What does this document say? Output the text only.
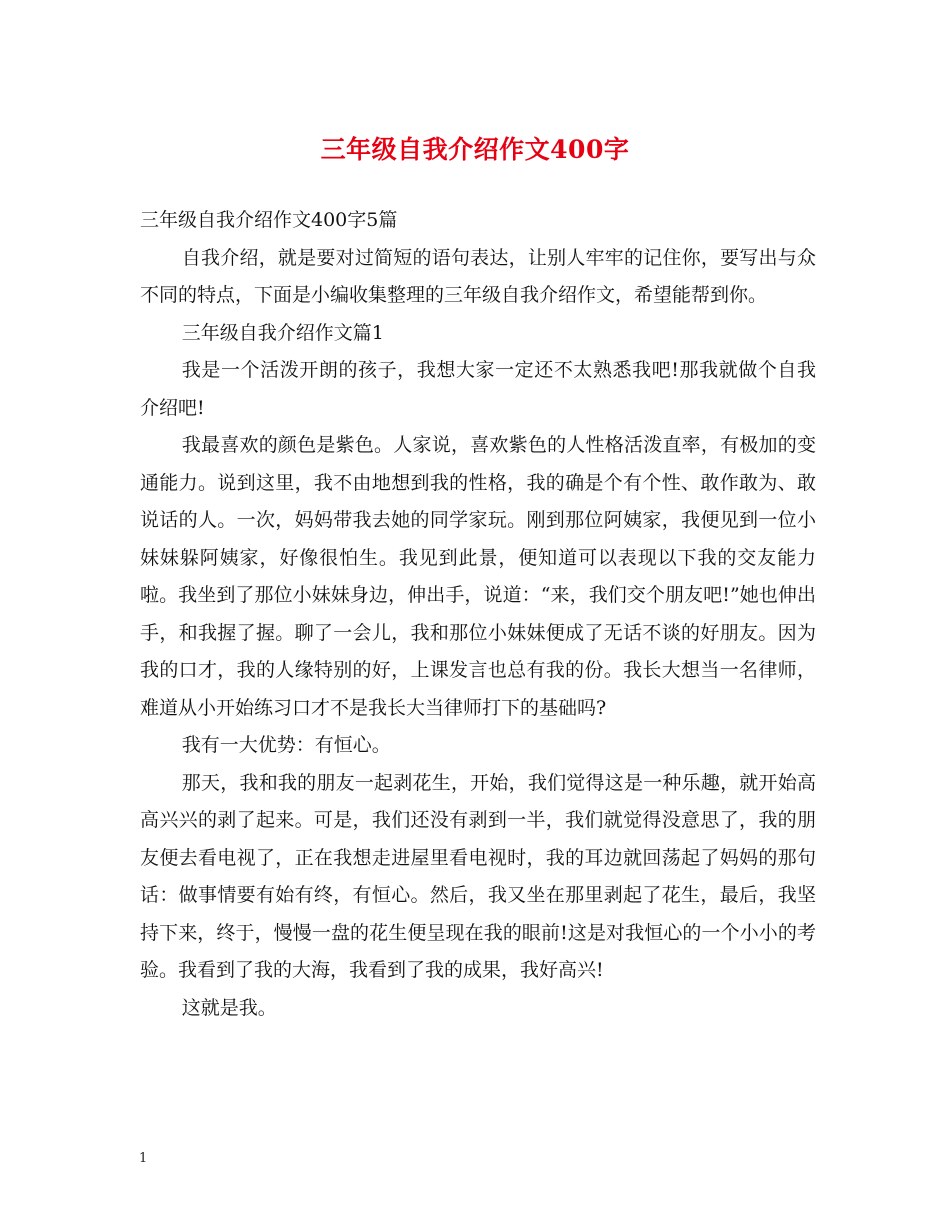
三年级自我介绍作文400字

三年级自我介绍作文400字5篇

自我介绍，就是要对过简短的语句表达，让别人牢牢的记住你，要写出与众不同的特点，下面是小编收集整理的三年级自我介绍作文，希望能帮到你。

三年级自我介绍作文篇1

我是一个活泼开朗的孩子，我想大家一定还不太熟悉我吧!那我就做个自我介绍吧!

我最喜欢的颜色是紫色。人家说，喜欢紫色的人性格活泼直率，有极加的变通能力。说到这里，我不由地想到我的性格，我的确是个有个性、敢作敢为、敢说话的人。一次，妈妈带我去她的同学家玩。刚到那位阿姨家，我便见到一位小妹妹躲阿姨家，好像很怕生。我见到此景，便知道可以表现以下我的交友能力啦。我坐到了那位小妹妹身边，伸出手，说道：“来，我们交个朋友吧!”她也伸出手，和我握了握。聊了一会儿，我和那位小妹妹便成了无话不谈的好朋友。因为我的口才，我的人缘特别的好，上课发言也总有我的份。我长大想当一名律师，难道从小开始练习口才不是我长大当律师打下的基础吗?

我有一大优势：有恒心。

那天，我和我的朋友一起剥花生，开始，我们觉得这是一种乐趣，就开始高高兴兴的剥了起来。可是，我们还没有剥到一半，我们就觉得没意思了，我的朋友便去看电视了，正在我想走进屋里看电视时，我的耳边就回荡起了妈妈的那句话：做事情要有始有终，有恒心。然后，我又坐在那里剥起了花生，最后，我坚持下来，终于，慢慢一盘的花生便呈现在我的眼前!这是对我恒心的一个小小的考验。我看到了我的大海，我看到了我的成果，我好高兴!

这就是我。

1
